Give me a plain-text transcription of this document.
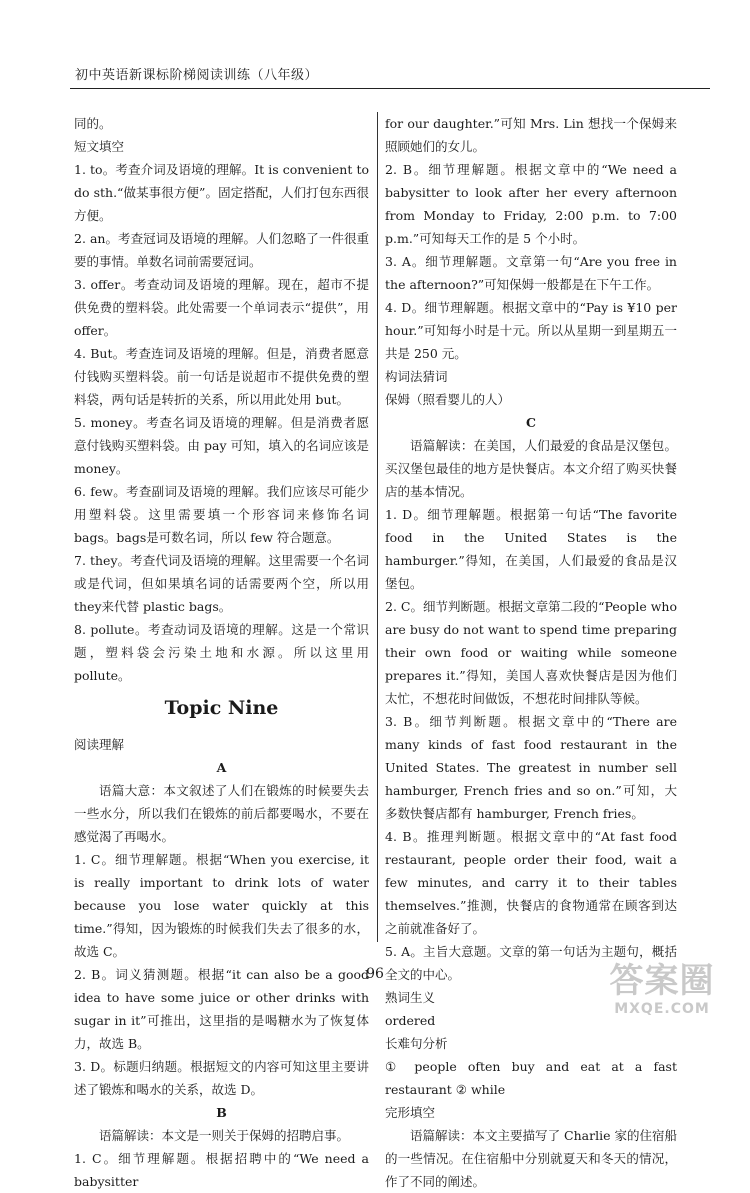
初中英语新课标阶梯阅读训练（八年级）
同的。
短文填空
1. to。考查介词及语境的理解。It is convenient to do sth.“做某事很方便”。固定搭配，人们打包东西很方便。
2. an。考查冠词及语境的理解。人们忽略了一件很重要的事情。单数名词前需要冠词。
3. offer。考查动词及语境的理解。现在，超市不提供免费的塑料袋。此处需要一个单词表示“提供”，用 offer。
4. But。考查连词及语境的理解。但是，消费者愿意付钱购买塑料袋。前一句话是说超市不提供免费的塑料袋，两句话是转折的关系，所以用此处用 but。
5. money。考查名词及语境的理解。但是消费者愿意付钱购买塑料袋。由 pay 可知，填入的名词应该是 money。
6. few。考查副词及语境的理解。我们应该尽可能少用塑料袋。这里需要填一个形容词来修饰名词 bags。bags是可数名词，所以 few 符合题意。
7. they。考查代词及语境的理解。这里需要一个名词或是代词，但如果填名词的话需要两个空，所以用 they来代替 plastic bags。
8. pollute。考查动词及语境的理解。这是一个常识题，塑料袋会污染土地和水源。所以这里用 pollute。
Topic Nine
阅读理解
A
语篇大意：本文叙述了人们在锻炼的时候要失去一些水分，所以我们在锻炼的前后都要喝水，不要在感觉渴了再喝水。
1. C。细节理解题。根据“When you exercise, it is really important to drink lots of water because you lose water quickly at this time.”得知，因为锻炼的时候我们失去了很多的水，故选 C。
2. B。词义猜测题。根据“it can also be a good idea to have some juice or other drinks with sugar in it”可推出，这里指的是喝糖水为了恢复体力，故选 B。
3. D。标题归纳题。根据短文的内容可知这里主要讲述了锻炼和喝水的关系，故选 D。
B
语篇解读：本文是一则关于保姆的招聘启事。
1. C。细节理解题。根据招聘中的“We need a babysitter
for our daughter.”可知 Mrs. Lin 想找一个保姆来照顾她们的女儿。
2. B。细节理解题。根据文章中的“We need a babysitter to look after her every afternoon from Monday to Friday, 2:00 p.m. to 7:00 p.m.”可知每天工作的是 5 个小时。
3. A。细节理解题。文章第一句“Are you free in the afternoon?”可知保姆一般都是在下午工作。
4. D。细节理解题。根据文章中的“Pay is ¥10 per hour.”可知每小时是十元。所以从星期一到星期五一共是 250 元。
构词法猜词
保姆（照看婴儿的人）
C
语篇解读：在美国，人们最爱的食品是汉堡包。买汉堡包最佳的地方是快餐店。本文介绍了购买快餐店的基本情况。
1. D。细节理解题。根据第一句话“The favorite food in the United States is the hamburger.”得知，在美国，人们最爱的食品是汉堡包。
2. C。细节判断题。根据文章第二段的“People who are busy do not want to spend time preparing their own food or waiting while someone prepares it.”得知，美国人喜欢快餐店是因为他们太忙，不想花时间做饭，不想花时间排队等候。
3. B。细节判断题。根据文章中的“There are many kinds of fast food restaurant in the United States. The greatest in number sell hamburger, French fries and so on.”可知，大多数快餐店都有 hamburger, French fries。
4. B。推理判断题。根据文章中的“At fast food restaurant, people order their food, wait a few minutes, and carry it to their tables themselves.”推测，快餐店的食物通常在顾客到达之前就准备好了。
5. A。主旨大意题。文章的第一句话为主题句，概括全文的中心。
熟词生义
ordered
长难句分析
① people often buy and eat at a fast restaurant ② while
完形填空
语篇解读：本文主要描写了 Charlie 家的住宿船的一些情况。在住宿船中分别就夏天和冬天的情况，作了不同的阐述。
96	答案圈
MXQE.COM
